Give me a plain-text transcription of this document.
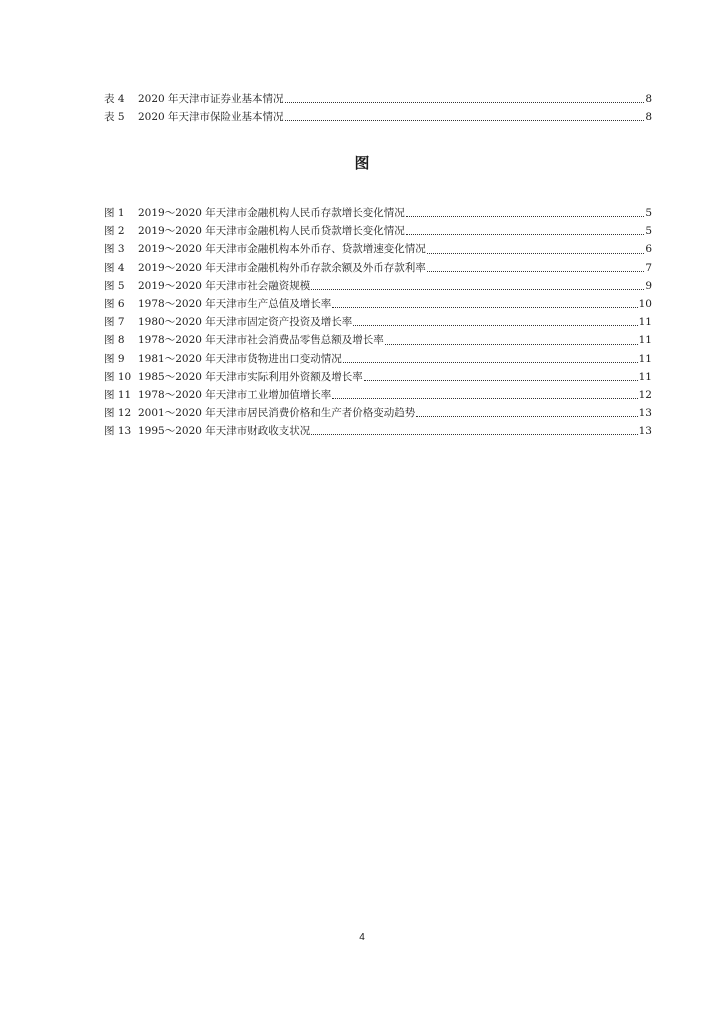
表 4	2020 年天津市证券业基本情况	8
表 5	2020 年天津市保险业基本情况	8
图
图 1	2019～2020 年天津市金融机构人民币存款增长变化情况	5
图 2	2019～2020 年天津市金融机构人民币贷款增长变化情况	5
图 3	2019～2020 年天津市金融机构本外币存、贷款增速变化情况	6
图 4	2019～2020 年天津市金融机构外币存款余额及外币存款利率	7
图 5	2019～2020 年天津市社会融资规模	9
图 6	1978～2020 年天津市生产总值及增长率	10
图 7	1980～2020 年天津市固定资产投资及增长率	11
图 8	1978～2020 年天津市社会消费品零售总额及增长率	11
图 9	1981～2020 年天津市货物进出口变动情况	11
图 10 1985～2020 年天津市实际利用外资额及增长率	11
图 11 1978～2020 年天津市工业增加值增长率	12
图 12 2001～2020 年天津市居民消费价格和生产者价格变动趋势	13
图 13 1995～2020 年天津市财政收支状况	13
4
